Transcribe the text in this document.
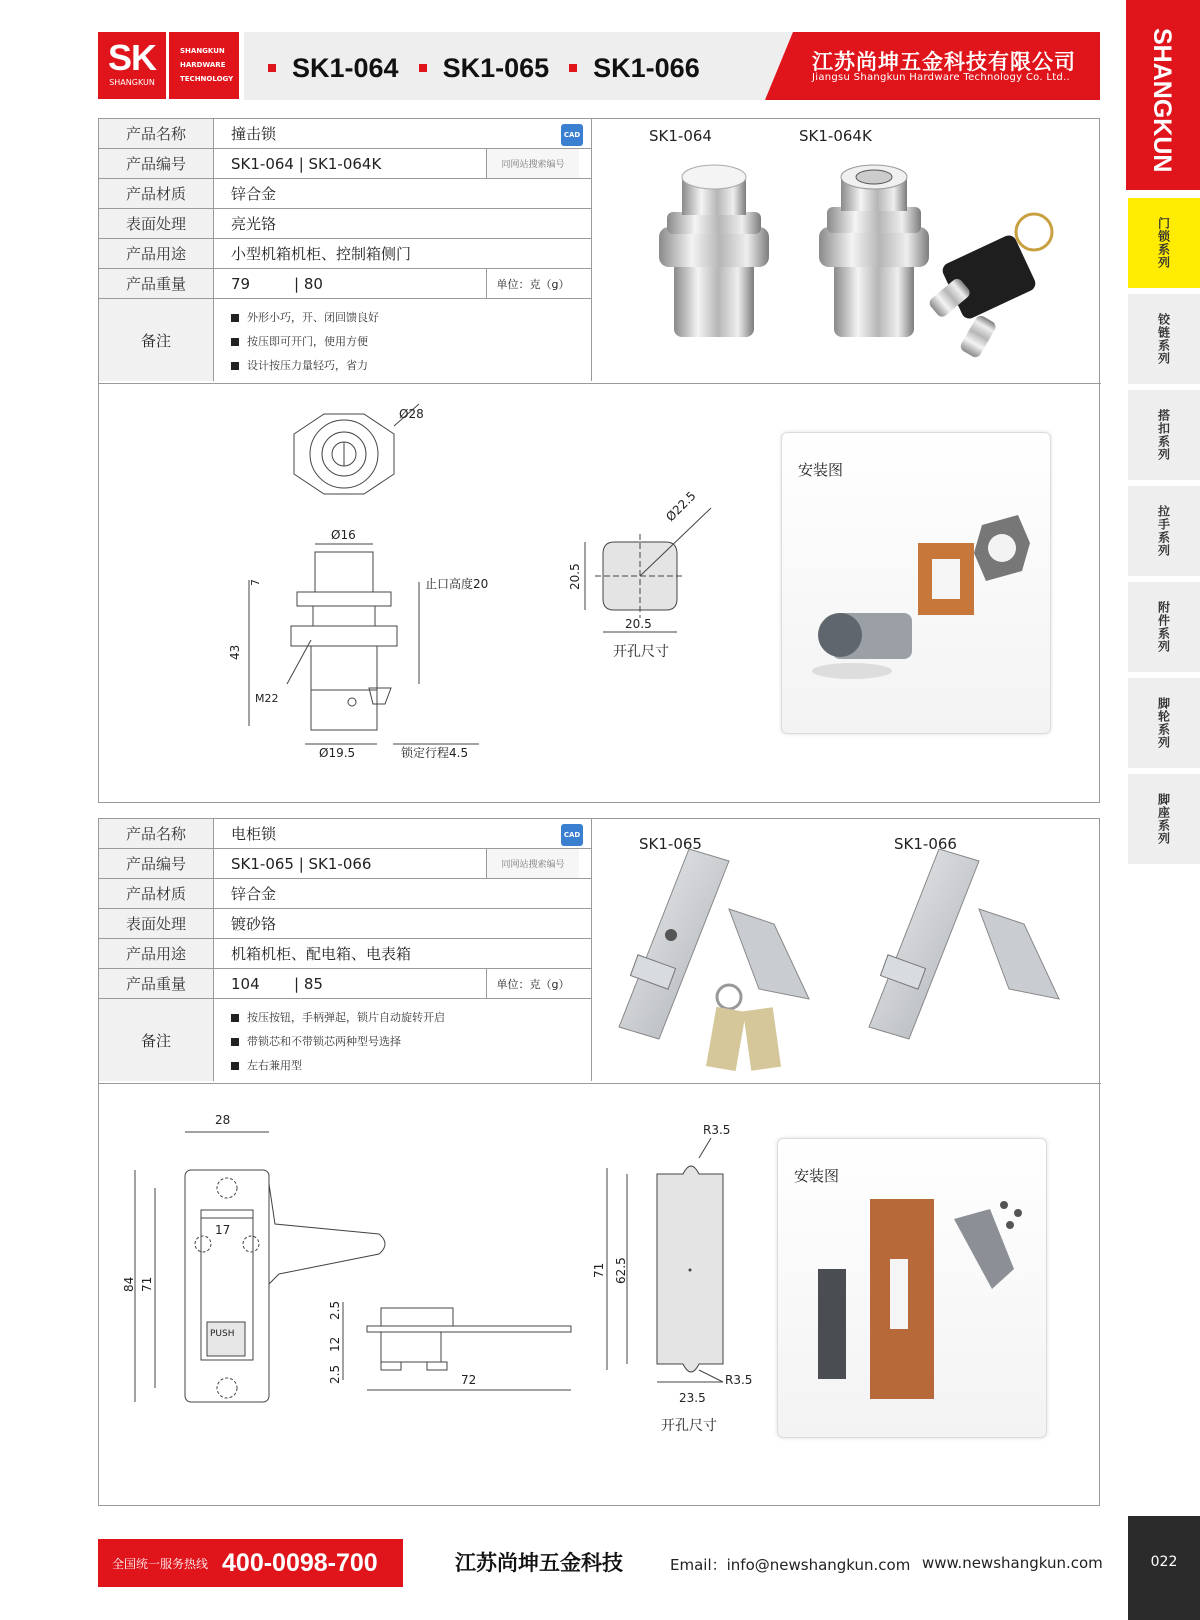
SK
SHANGKUN
SHANGKUN
HARDWARE
TECHNOLOGY SK1-064 SK1-065 SK1-066	江苏尚坤五金科技有限公司
Jiangsu Shangkun Hardware Technology Co. Ltd..	SHANGKUN
门锁系列
铰链系列
搭扣系列
拉手系列
附件系列
脚轮系列
脚座系列
产品名称	撞击锁	CAD
产品编号	SK1-064 | SK1-064K	同网站搜索编号
产品材质	锌合金
表面处理	亮光铬
产品用途	小型机箱机柜、控制箱侧门
产品重量	79	| 80	单位：克（g）
备注
外形小巧，开、闭回馈良好
按压即可开门，使用方便
设计按压力量轻巧，省力
SK1-064	SK1-064K
Ø28
Ø16
7
43
止口高度20
M22
Ø19.5	锁定行程4.5
Ø22.5
20.5
20.5
开孔尺寸
安装图
产品名称	电柜锁	CAD
产品编号	SK1-065 | SK1-066	同网站搜索编号
产品材质	锌合金
表面处理	镀砂铬
产品用途	机箱机柜、配电箱、电表箱
产品重量	104 | 85	单位：克（g）
备注
按压按钮，手柄弹起，锁片自动旋转开启
带锁芯和不带锁芯两种型号选择
左右兼用型
SK1-065	SK1-066
28
17
84 71
PUSH
2.5
12
2.5	72
R3.5
R3.5
71 62.5
23.5
开孔尺寸
安装图
全国统一服务热线 400-0098-700	江苏尚坤五金科技	Email：info@newshangkun.com www.newshangkun.com	022
